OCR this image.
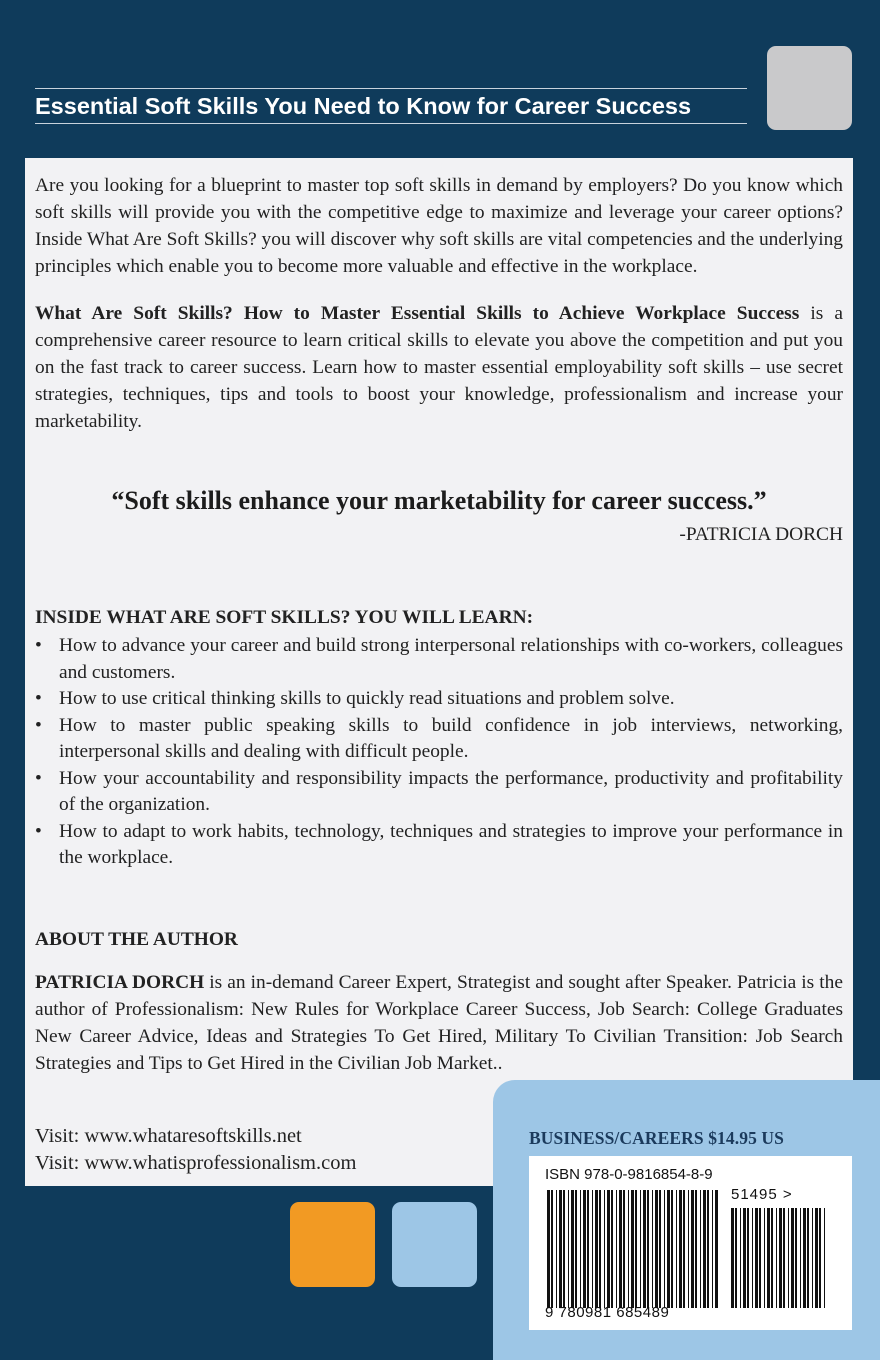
Essential Soft Skills You Need to Know for Career Success

Are you looking for a blueprint to master top soft skills in demand by employers? Do you know which soft skills will provide you with the competitive edge to maximize and leverage your career options? Inside What Are Soft Skills? you will discover why soft skills are vital competencies and the underlying principles which enable you to become more valuable and effective in the workplace.

What Are Soft Skills? How to Master Essential Skills to Achieve Workplace Success is a comprehensive career resource to learn critical skills to elevate you above the competition and put you on the fast track to career success. Learn how to master essential employability soft skills – use secret strategies, techniques, tips and tools to boost your knowledge, professionalism and increase your marketability.

“Soft skills enhance your marketability for career success.”
-PATRICIA DORCH
INSIDE WHAT ARE SOFT SKILLS? YOU WILL LEARN:
• How to advance your career and build strong interpersonal relationships with co-workers, colleagues and customers.
• How to use critical thinking skills to quickly read situations and problem solve.
• How to master public speaking skills to build confidence in job interviews, networking, interpersonal skills and dealing with difficult people.
• How your accountability and responsibility impacts the performance, productivity and profitability of the organization.
• How to adapt to work habits, technology, techniques and strategies to improve your performance in the workplace.
ABOUT THE AUTHOR

PATRICIA DORCH is an in-demand Career Expert, Strategist and sought after Speaker. Patricia is the author of Professionalism: New Rules for Workplace Career Success, Job Search: College Graduates New Career Advice, Ideas and Strategies To Get Hired, Military To Civilian Transition: Job Search Strategies and Tips to Get Hired in the Civilian Job Market..

Visit: www.whataresoftskills.net
Visit: www.whatisprofessionalism.com
BUSINESS/CAREERS $14.95 US
ISBN 978-0-9816854-8-9
51495 >
9 780981 685489
